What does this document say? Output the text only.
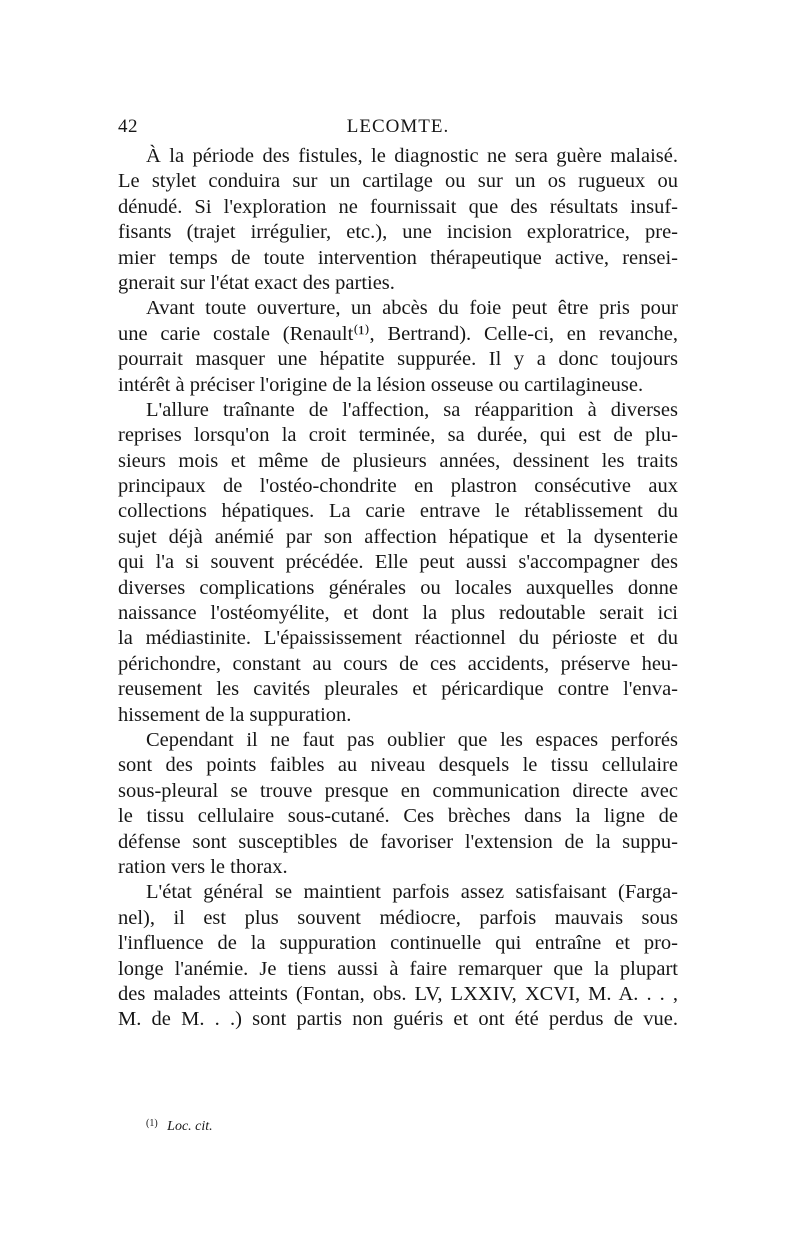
42	LECOMTE.
À la période des fistules, le diagnostic ne sera guère malaisé.
Le stylet conduira sur un cartilage ou sur un os rugueux ou
dénudé. Si l'exploration ne fournissait que des résultats insuf-
fisants (trajet irrégulier, etc.), une incision exploratrice, pre-
mier temps de toute intervention thérapeutique active, rensei-
gnerait sur l'état exact des parties.
Avant toute ouverture, un abcès du foie peut être pris pour
une carie costale (Renault⁽¹⁾, Bertrand). Celle-ci, en revanche,
pourrait masquer une hépatite suppurée. Il y a donc toujours
intérêt à préciser l'origine de la lésion osseuse ou cartilagineuse.
L'allure traînante de l'affection, sa réapparition à diverses
reprises lorsqu'on la croit terminée, sa durée, qui est de plu-
sieurs mois et même de plusieurs années, dessinent les traits
principaux de l'ostéo-chondrite en plastron consécutive aux
collections hépatiques. La carie entrave le rétablissement du
sujet déjà anémié par son affection hépatique et la dysenterie
qui l'a si souvent précédée. Elle peut aussi s'accompagner des
diverses complications générales ou locales auxquelles donne
naissance l'ostéomyélite, et dont la plus redoutable serait ici
la médiastinite. L'épaississement réactionnel du périoste et du
périchondre, constant au cours de ces accidents, préserve heu-
reusement les cavités pleurales et péricardique contre l'enva-
hissement de la suppuration.
Cependant il ne faut pas oublier que les espaces perforés
sont des points faibles au niveau desquels le tissu cellulaire
sous-pleural se trouve presque en communication directe avec
le tissu cellulaire sous-cutané. Ces brèches dans la ligne de
défense sont susceptibles de favoriser l'extension de la suppu-
ration vers le thorax.
L'état général se maintient parfois assez satisfaisant (Farga-
nel), il est plus souvent médiocre, parfois mauvais sous
l'influence de la suppuration continuelle qui entraîne et pro-
longe l'anémie. Je tiens aussi à faire remarquer que la plupart
des malades atteints (Fontan, obs. LV, LXXIV, XCVI, M. A. . . ,
M. de M. . .) sont partis non guéris et ont été perdus de vue.
$^{(1)}$ Loc. cit.
